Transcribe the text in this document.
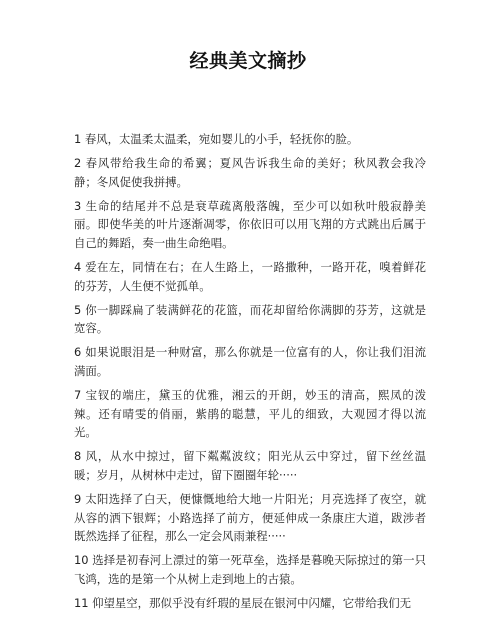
经典美文摘抄

1 春风，太温柔太温柔，宛如婴儿的小手，轻抚你的脸。

2 春风带给我生命的希翼；夏风告诉我生命的美好；秋风教会我冷静；冬风促使我拼搏。

3 生命的结尾并不总是衰草疏离般落魄，至少可以如秋叶般寂静美丽。即使华美的叶片逐渐凋零，你依旧可以用飞翔的方式跳出后属于自己的舞蹈，奏一曲生命绝唱。

4 爱在左，同情在右；在人生路上，一路撒种，一路开花，嗅着鲜花的芬芳，人生便不觉孤单。

5 你一脚踩扁了装满鲜花的花篮，而花却留给你满脚的芬芳，这就是宽容。

6 如果说眼泪是一种财富，那么你就是一位富有的人，你让我们泪流满面。

7 宝钗的端庄，黛玉的优雅，湘云的开朗，妙玉的清高，熙凤的泼辣。还有晴雯的俏丽，紫鹃的聪慧，平儿的细致，大观园才得以流光。

8 风，从水中掠过，留下粼粼波纹；阳光从云中穿过，留下丝丝温暖；岁月，从树林中走过，留下圈圈年轮·····

9 太阳选择了白天，便慷慨地给大地一片阳光；月亮选择了夜空，就从容的洒下银辉；小路选择了前方，便延伸成一条康庄大道，跋涉者既然选择了征程，那么一定会风雨兼程·····

10 选择是初春河上漂过的第一死草垒，选择是暮晚天际掠过的第一只飞鸿，选的是第一个从树上走到地上的古猿。

11 仰望星空，那似乎没有纤瑕的星辰在银河中闪耀，它带给我们无
